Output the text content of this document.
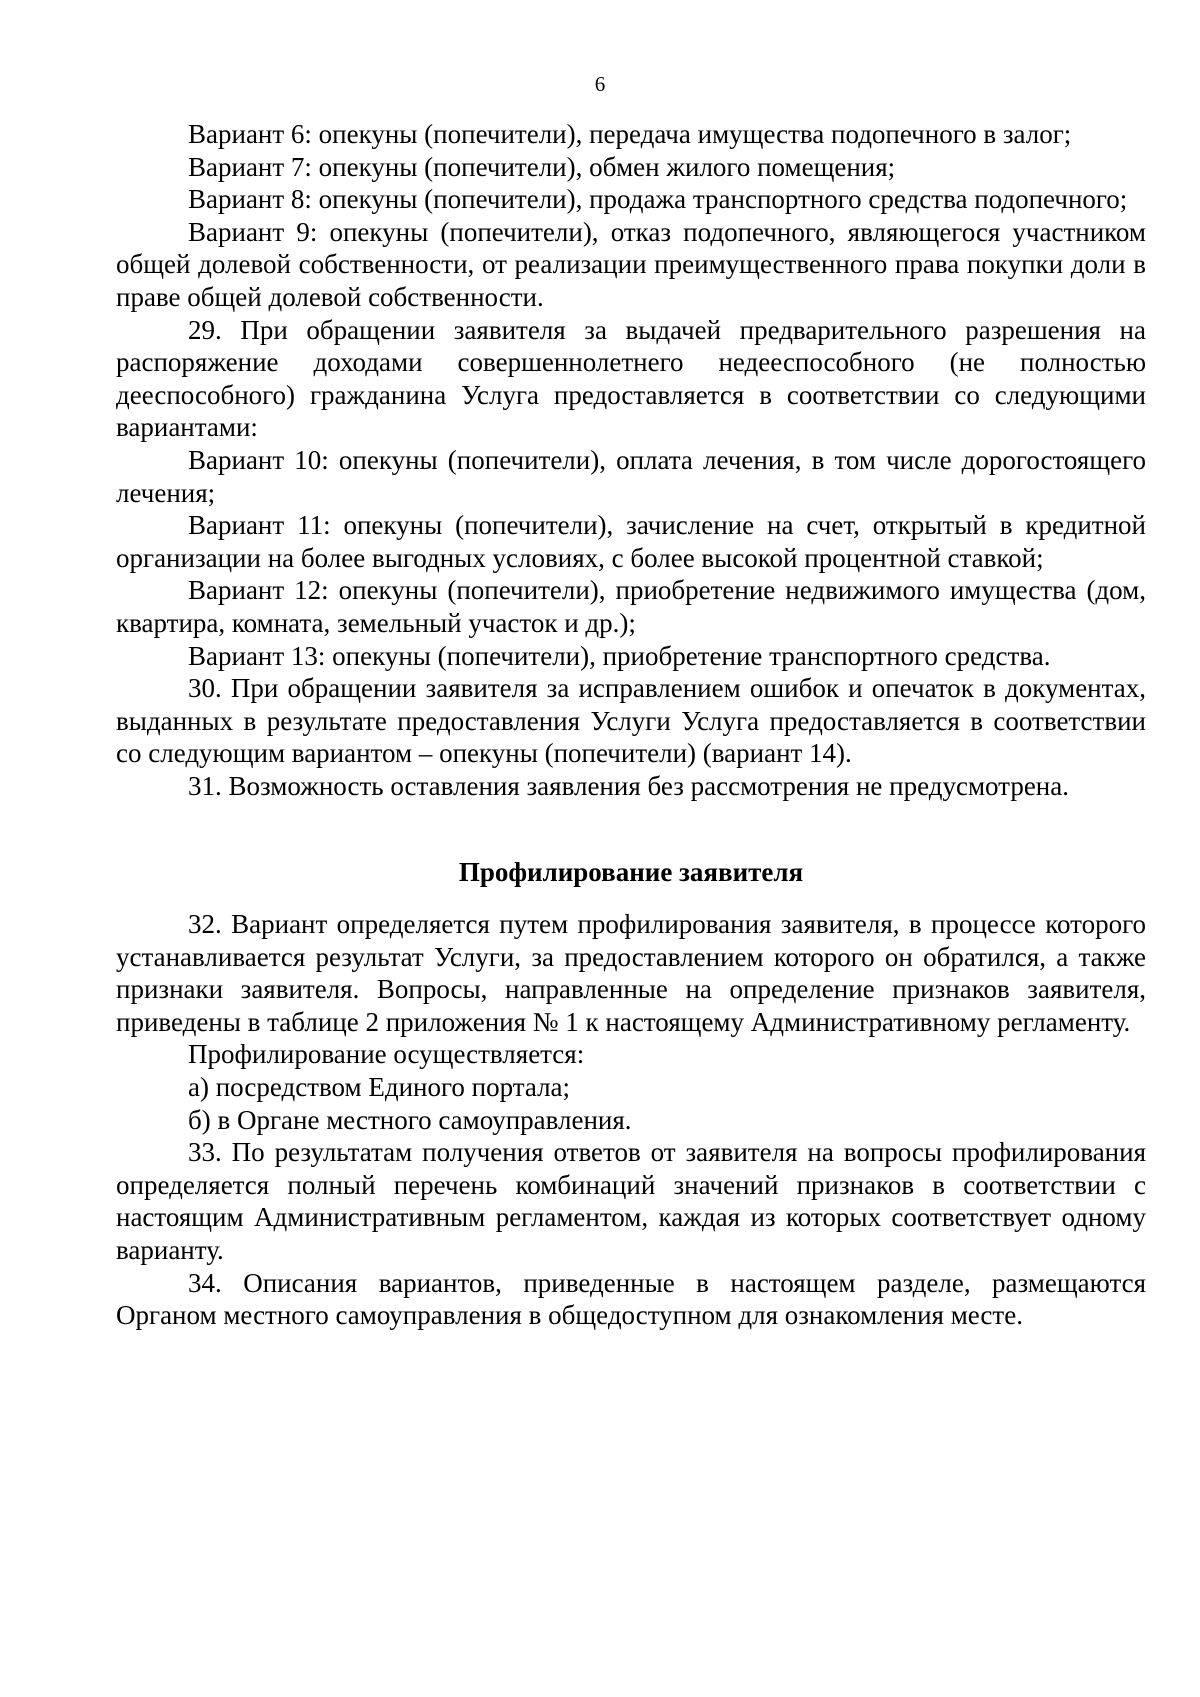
6

Вариант 6: опекуны (попечители), передача имущества подопечного в залог;

Вариант 7: опекуны (попечители), обмен жилого помещения;

Вариант 8: опекуны (попечители), продажа транспортного средства подопечного;

Вариант 9: опекуны (попечители), отказ подопечного, являющегося участником общей долевой собственности, от реализации преимущественного права покупки доли в праве общей долевой собственности.

29. При обращении заявителя за выдачей предварительного разрешения на распоряжение доходами совершеннолетнего недееспособного (не полностью дееспособного) гражданина Услуга предоставляется в соответствии со следующими вариантами:

Вариант 10: опекуны (попечители), оплата лечения, в том числе дорогостоящего лечения;

Вариант 11: опекуны (попечители), зачисление на счет, открытый в кредитной организации на более выгодных условиях, с более высокой процентной ставкой;

Вариант 12: опекуны (попечители), приобретение недвижимого имущества (дом, квартира, комната, земельный участок и др.);

Вариант 13: опекуны (попечители), приобретение транспортного средства.

30. При обращении заявителя за исправлением ошибок и опечаток в документах, выданных в результате предоставления Услуги Услуга предоставляется в соответствии со следующим вариантом – опекуны (попечители) (вариант 14).

31. Возможность оставления заявления без рассмотрения не предусмотрена.

Профилирование заявителя

32. Вариант определяется путем профилирования заявителя, в процессе которого устанавливается результат Услуги, за предоставлением которого он обратился, а также признаки заявителя. Вопросы, направленные на определение признаков заявителя, приведены в таблице 2 приложения № 1 к настоящему Административному регламенту.

Профилирование осуществляется:

а) посредством Единого портала;

б) в Органе местного самоуправления.

33. По результатам получения ответов от заявителя на вопросы профилирования определяется полный перечень комбинаций значений признаков в соответствии с настоящим Административным регламентом, каждая из которых соответствует одному варианту.

34. Описания вариантов, приведенные в настоящем разделе, размещаются Органом местного самоуправления в общедоступном для ознакомления месте.
